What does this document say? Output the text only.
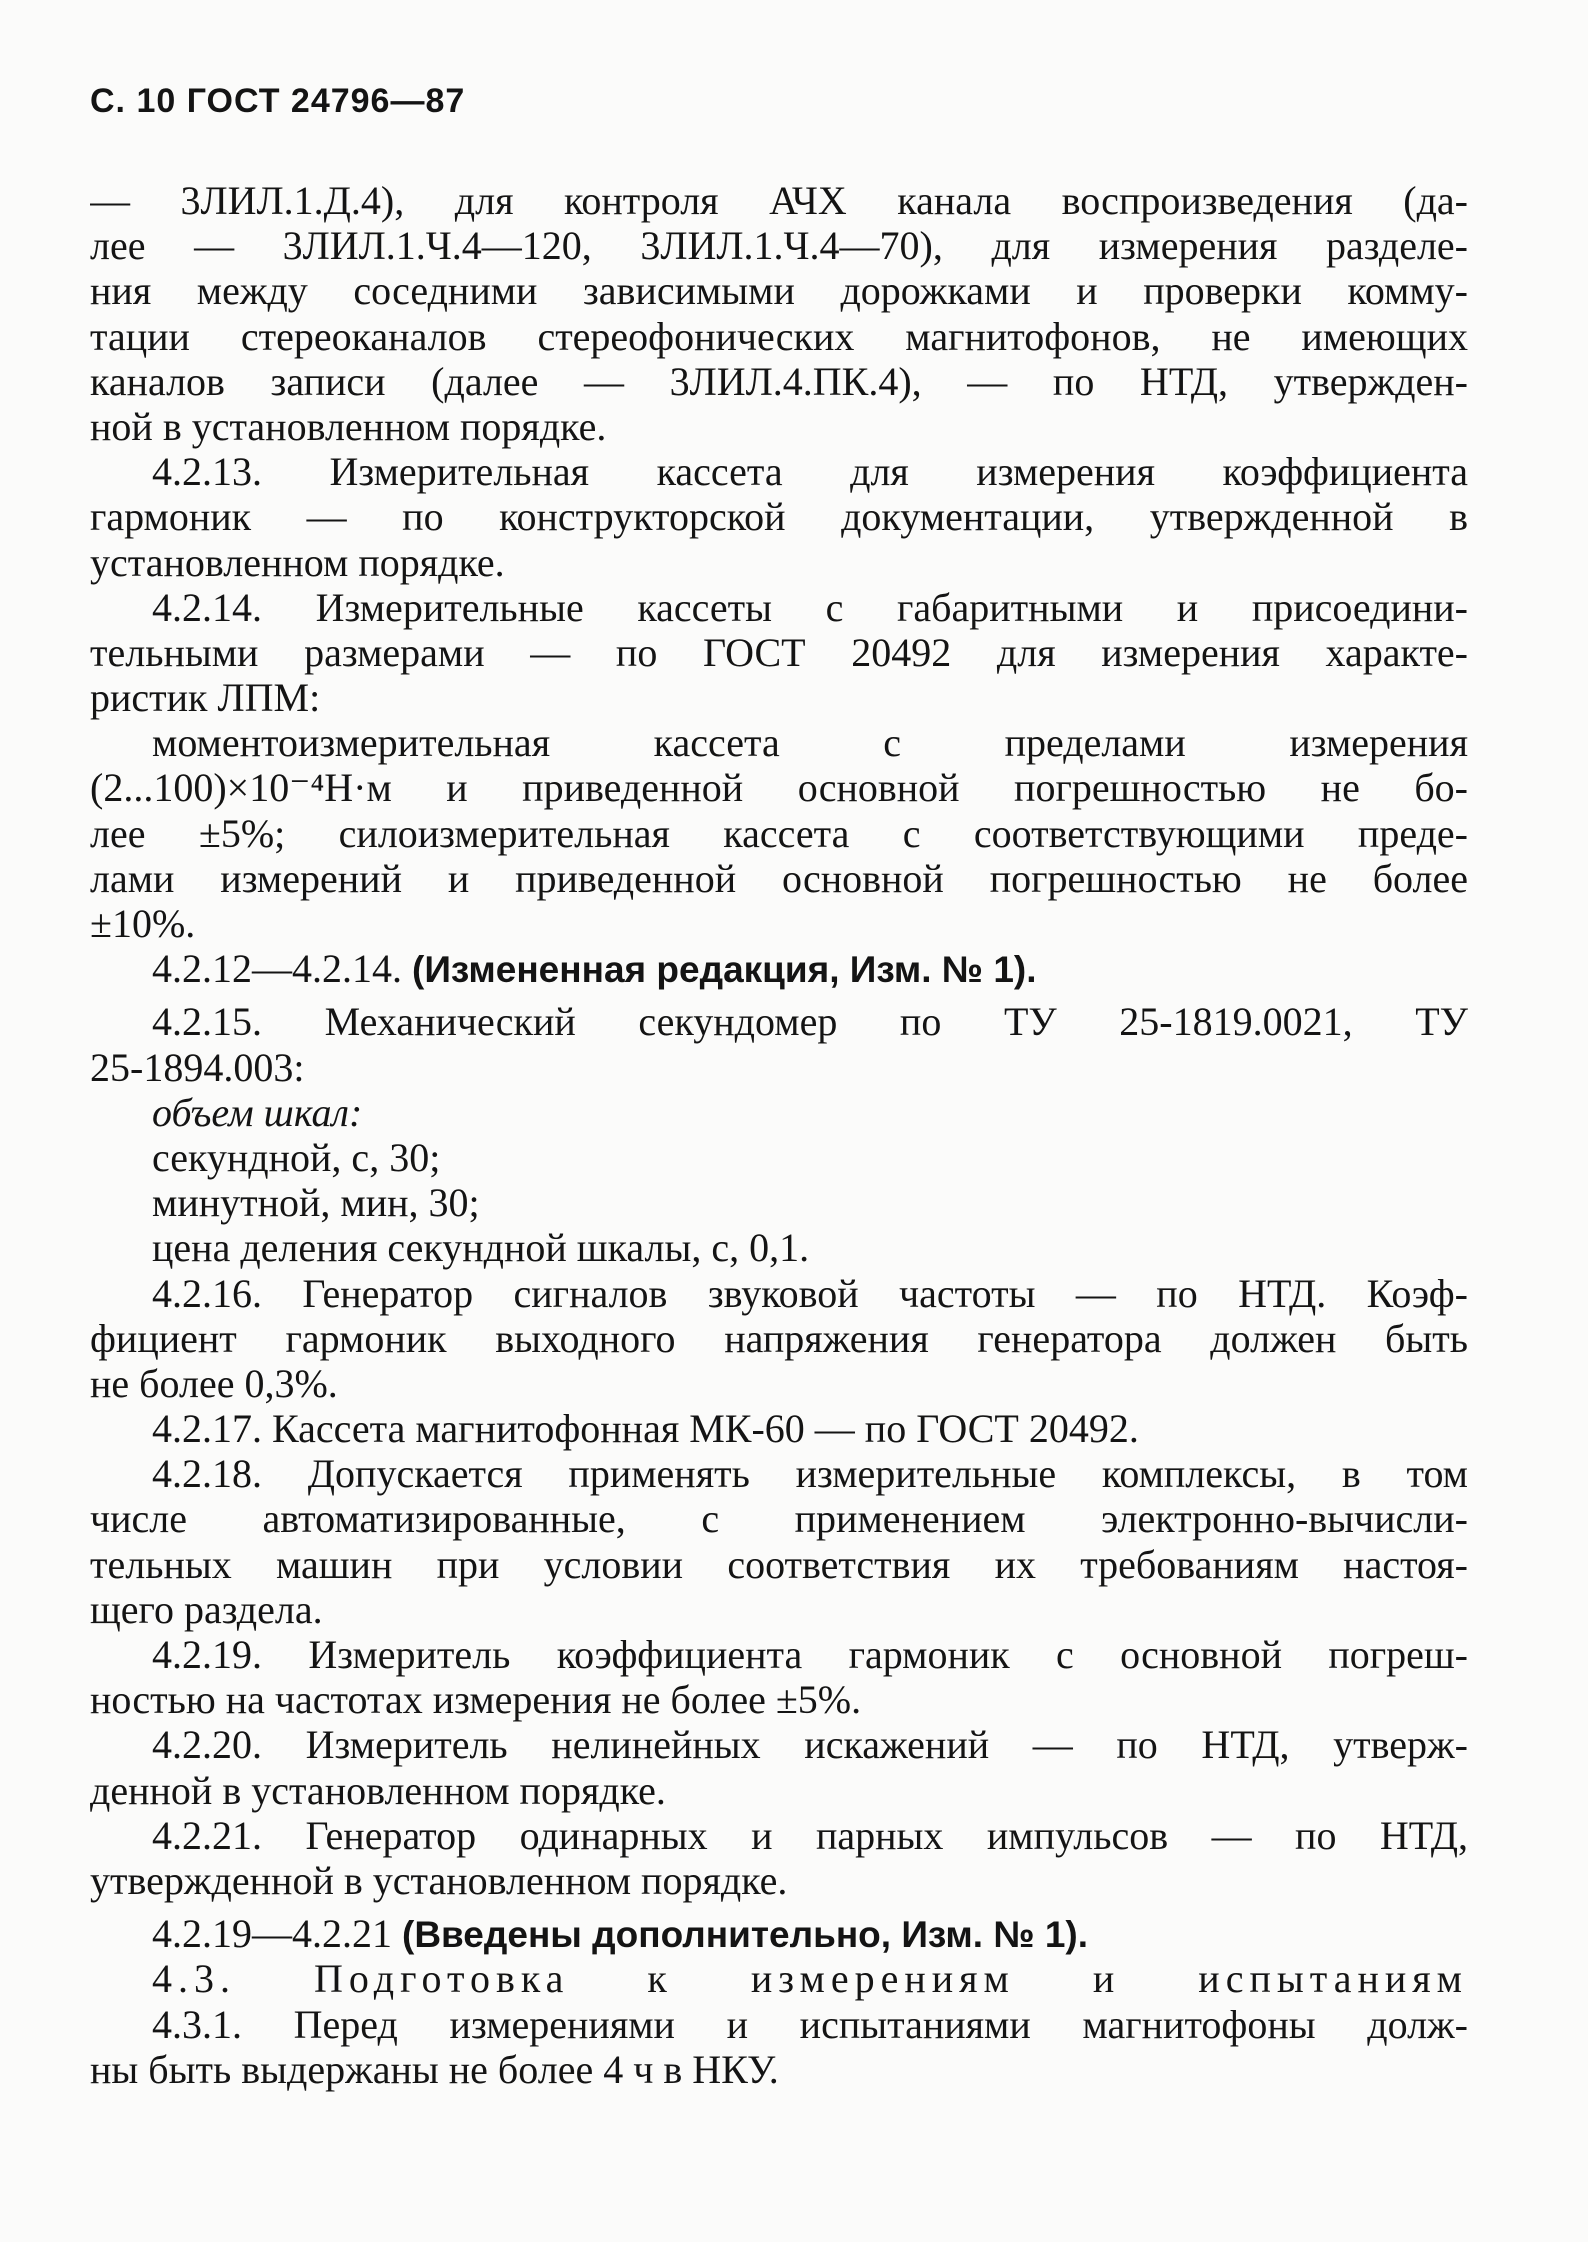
С. 10 ГОСТ 24796—87
— 3ЛИЛ.1.Д.4), для контроля АЧХ канала воспроизведения (да-
лее — 3ЛИЛ.1.Ч.4—120, 3ЛИЛ.1.Ч.4—70), для измерения разделе-
ния между соседними зависимыми дорожками и проверки комму-
тации стереоканалов стереофонических магнитофонов, не имеющих
каналов записи (далее — 3ЛИЛ.4.ПК.4), — по НТД, утвержден-
ной в установленном порядке.
4.2.13. Измерительная кассета для измерения коэффициента
гармоник — по конструкторской документации, утвержденной в
установленном порядке.
4.2.14. Измерительные кассеты с габаритными и присоедини-
тельными размерами — по ГОСТ 20492 для измерения характе-
ристик ЛПМ:
моментоизмерительная кассета с пределами измерения
(2...100)×10⁻⁴Н·м и приведенной основной погрешностью не бо-
лее ±5%; силоизмерительная кассета с соответствующими преде-
лами измерений и приведенной основной погрешностью не более
±10%.
4.2.12—4.2.14. (Измененная редакция, Изм. № 1).
4.2.15. Механический секундомер по ТУ 25-1819.0021, ТУ
25-1894.003:
объем шкал:
секундной, с, 30;
минутной, мин, 30;
цена деления секундной шкалы, с, 0,1.
4.2.16. Генератор сигналов звуковой частоты — по НТД. Коэф-
фициент гармоник выходного напряжения генератора должен быть
не более 0,3%.
4.2.17. Кассета магнитофонная МК-60 — по ГОСТ 20492.
4.2.18. Допускается применять измерительные комплексы, в том
числе автоматизированные, с применением электронно-вычисли-
тельных машин при условии соответствия их требованиям настоя-
щего раздела.
4.2.19. Измеритель коэффициента гармоник с основной погреш-
ностью на частотах измерения не более ±5%.
4.2.20. Измеритель нелинейных искажений — по НТД, утверж-
денной в установленном порядке.
4.2.21. Генератор одинарных и парных импульсов — по НТД,
утвержденной в установленном порядке.
4.2.19—4.2.21 (Введены дополнительно, Изм. № 1).
4.3. Подготовка к измерениям и испытаниям
4.3.1. Перед измерениями и испытаниями магнитофоны долж-
ны быть выдержаны не более 4 ч в НКУ.
